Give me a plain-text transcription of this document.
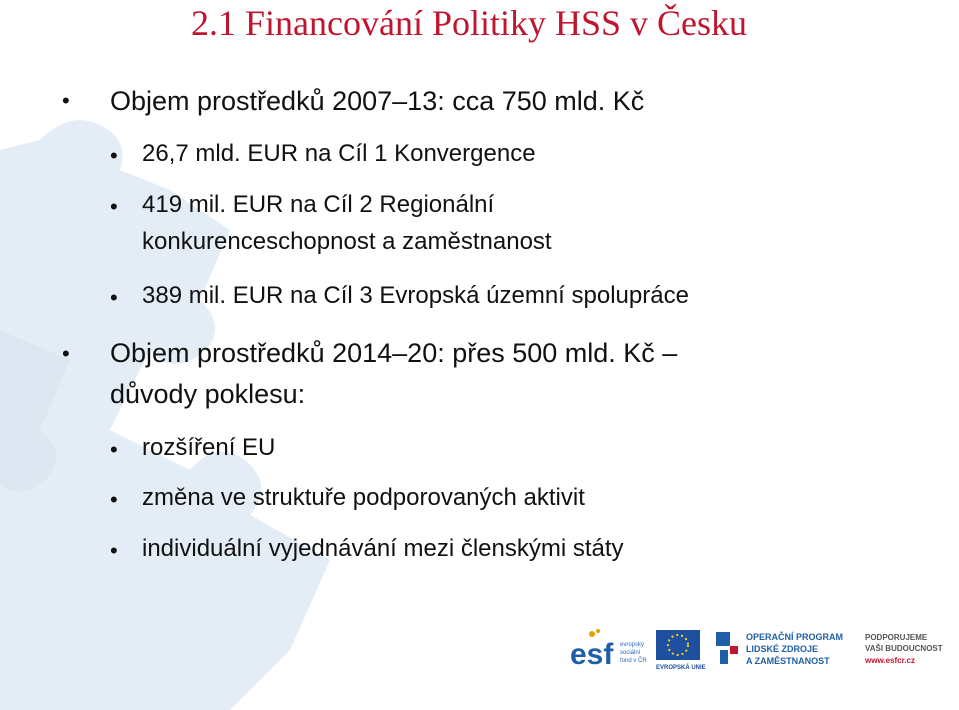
2.1 Financování Politiky HSS v Česku
• Objem prostředků 2007–13: cca 750 mld. Kč
• 26,7 mld. EUR na Cíl 1 Konvergence
• 419 mil. EUR na Cíl 2 Regionální
konkurenceschopnost a zaměstnanost
• 389 mil. EUR na Cíl 3 Evropská územní spolupráce
• Objem prostředků 2014–20: přes 500 mld. Kč –
důvody poklesu:
• rozšíření EU
• změna ve struktuře podporovaných aktivit
• individuální vyjednávání mezi členskými státy
esf evropský
sociální
fond v ČR
EVROPSKÁ UNIE
OPERAČNÍ PROGRAM
LIDSKÉ ZDROJE
A ZAMĚSTNANOST
PODPORUJEME
VAŠI BUDOUCNOST
www.esfcr.cz
